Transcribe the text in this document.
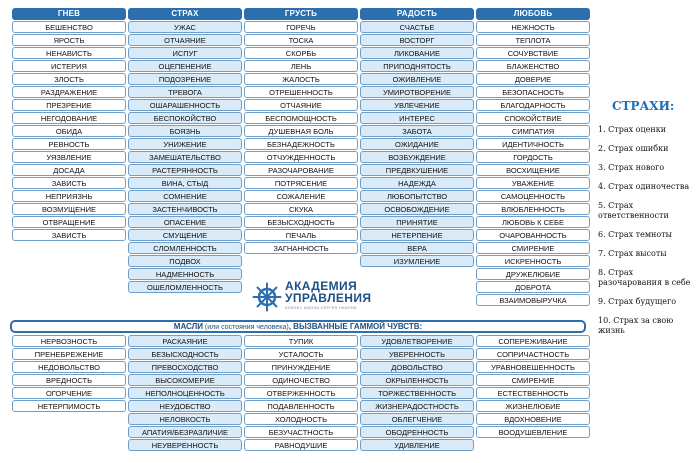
ГНЕВ
БЕШЕНСТВО
ЯРОСТЬ
НЕНАВИСТЬ
ИСТЕРИЯ
ЗЛОСТЬ
РАЗДРАЖЕНИЕ
ПРЕЗРЕНИЕ
НЕГОДОВАНИЕ
ОБИДА
РЕВНОСТЬ
УЯЗВЛЕНИЕ
ДОСАДА
ЗАВИСТЬ
НЕПРИЯЗНЬ
ВОЗМУЩЕНИЕ
ОТВРАЩЕНИЕ
ЗАВИСТЬ
СТРАХ
УЖАС
ОТЧАЯНИЕ
ИСПУГ
ОЦЕПЕНЕНИЕ
ПОДОЗРЕНИЕ
ТРЕВОГА
ОШАРАШЕННОСТЬ
БЕСПОКОЙСТВО
БОЯЗНЬ
УНИЖЕНИЕ
ЗАМЕШАТЕЛЬСТВО
РАСТЕРЯННОСТЬ
ВИНА, СТЫД
СОМНЕНИЕ
ЗАСТЕНЧИВОСТЬ
ОПАСЕНИЕ
СМУЩЕНИЕ
СЛОМЛЕННОСТЬ
ПОДВОХ
НАДМЕННОСТЬ
ОШЕЛОМЛЕННОСТЬ
ГРУСТЬ
ГОРЕЧЬ
ТОСКА
СКОРБЬ
ЛЕНЬ
ЖАЛОСТЬ
ОТРЕШЕННОСТЬ
ОТЧАЯНИЕ
БЕСПОМОЩНОСТЬ
ДУШЕВНАЯ БОЛЬ
БЕЗНАДЕЖНОСТЬ
ОТЧУЖДЕННОСТЬ
РАЗОЧАРОВАНИЕ
ПОТРЯСЕНИЕ
СОЖАЛЕНИЕ
СКУКА
БЕЗЫСХОДНОСТЬ
ПЕЧАЛЬ
ЗАГНАННОСТЬ
РАДОСТЬ
СЧАСТЬЕ
ВОСТОРГ
ЛИКОВАНИЕ
ПРИПОДНЯТОСТЬ
ОЖИВЛЕНИЕ
УМИРОТВОРЕНИЕ
УВЛЕЧЕНИЕ
ИНТЕРЕС
ЗАБОТА
ОЖИДАНИЕ
ВОЗБУЖДЕНИЕ
ПРЕДВКУШЕНИЕ
НАДЕЖДА
ЛЮБОПЫТСТВО
ОСВОБОЖДЕНИЕ
ПРИНЯТИЕ
НЕТЕРПЕНИЕ
ВЕРА
ИЗУМЛЕНИЕ
ЛЮБОВЬ
НЕЖНОСТЬ
ТЕПЛОТА
СОЧУВСТВИЕ
БЛАЖЕНСТВО
ДОВЕРИЕ
БЕЗОПАСНОСТЬ
БЛАГОДАРНОСТЬ
СПОКОЙСТВИЕ
СИМПАТИЯ
ИДЕНТИЧНОСТЬ
ГОРДОСТЬ
ВОСХИЩЕНИЕ
УВАЖЕНИЕ
САМОЦЕННОСТЬ
ВЛЮБЛЕННОСТЬ
ЛЮБОВЬ К СЕБЕ
ОЧАРОВАННОСТЬ
СМИРЕНИЕ
ИСКРЕННОСТЬ
ДРУЖЕЛЮБИЕ
ДОБРОТА
ВЗАИМОВЫРУЧКА
АКАДЕМИЯ
УПРАВЛЕНИЯ
БИЗНЕС ШКОЛА СЕРГЕЯ НАКОНА
МАСЛИ (или состояния человека), ВЫЗВАННЫЕ ГАММОЙ ЧУВСТВ:
НЕРВОЗНОСТЬ
ПРЕНЕБРЕЖЕНИЕ
НЕДОВОЛЬСТВО
ВРЕДНОСТЬ
ОГОРЧЕНИЕ
НЕТЕРПИМОСТЬ
РАСКАЯНИЕ
БЕЗЫСХОДНОСТЬ
ПРЕВОСХОДСТВО
ВЫСОКОМЕРИЕ
НЕПОЛНОЦЕННОСТЬ
НЕУДОБСТВО
НЕЛОВКОСТЬ
АПАТИЯ/БЕЗРАЗЛИЧИЕ
НЕУВЕРЕННОСТЬ
ТУПИК
УСТАЛОСТЬ
ПРИНУЖДЕНИЕ
ОДИНОЧЕСТВО
ОТВЕРЖЕННОСТЬ
ПОДАВЛЕННОСТЬ
ХОЛОДНОСТЬ
БЕЗУЧАСТНОСТЬ
РАВНОДУШИЕ
УДОВЛЕТВОРЕНИЕ
УВЕРЕННОСТЬ
ДОВОЛЬСТВО
ОКРЫЛЕННОСТЬ
ТОРЖЕСТВЕННОСТЬ
ЖИЗНЕРАДОСТНОСТЬ
ОБЛЕГЧЕНИЕ
ОБОДРЕННОСТЬ
УДИВЛЕНИЕ
СОПЕРЕЖИВАНИЕ
СОПРИЧАСТНОСТЬ
УРАВНОВЕШЕННОСТЬ
СМИРЕНИЕ
ЕСТЕСТВЕННОСТЬ
ЖИЗНЕЛЮБИЕ
ВДОХНОВЕНИЕ
ВООДУШЕВЛЕНИЕ
СТРАХИ:
1. Страх оценки
2. Страх ошибки
3. Страх нового
4. Страх одиночества
5. Страх ответственности
6. Страх темноты
7. Страх высоты
8. Страх разочарования в себе
9. Страх будущего
10. Страх за свою жизнь
